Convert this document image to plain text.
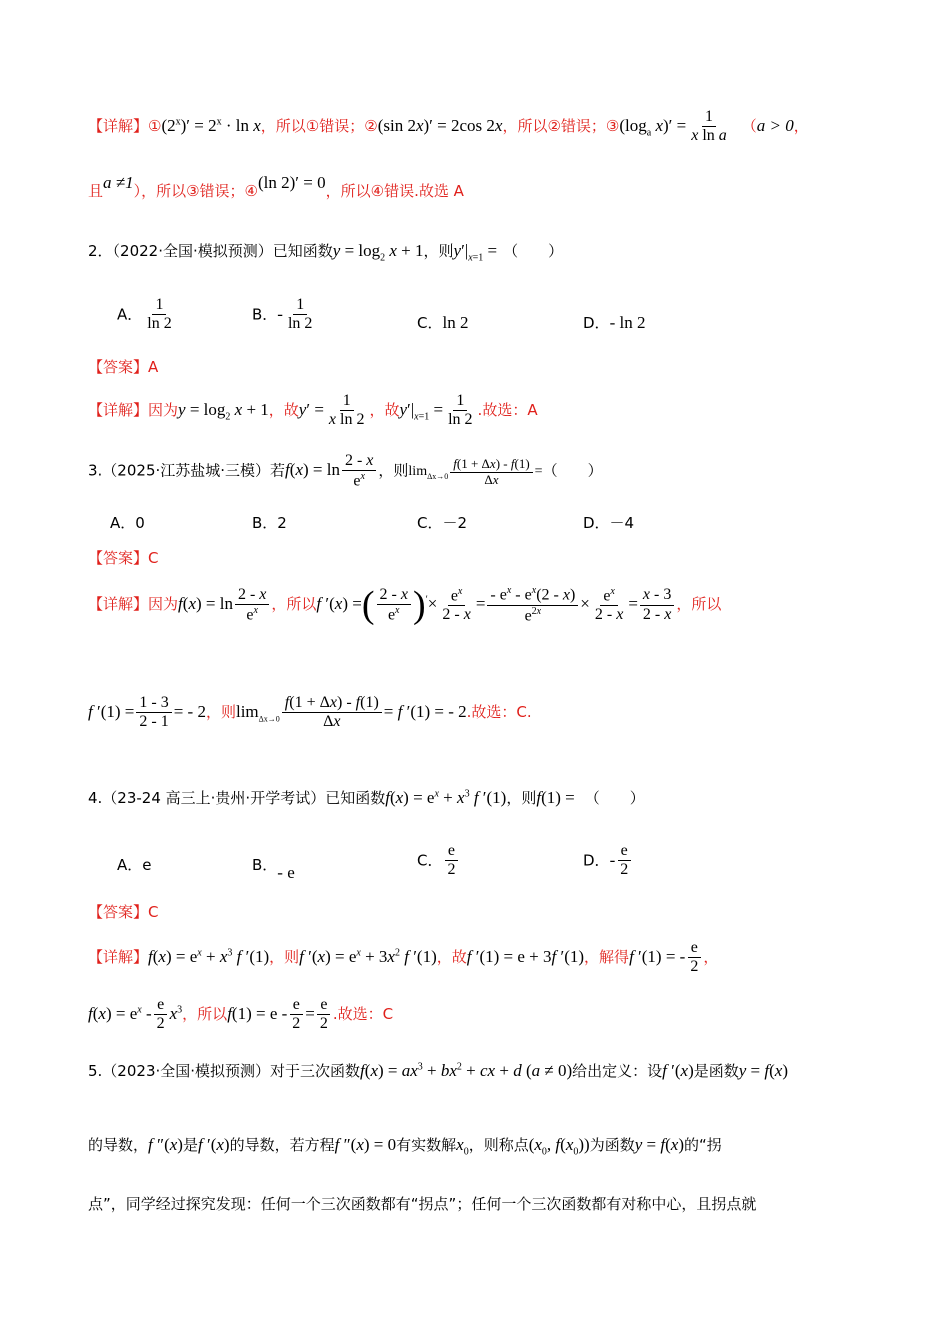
【详解】$①(2^x)' = 2^x \cdot \ln x$，所以①错误；②(sin 2x)′ = 2cos 2x，所以②错误；$③(\log_a$ $x)' = \frac{1}{\text{x ln a}} (a > 0$，
且a ≠1），所以③错误；④(ln 2)′ = 0，所以④错误.故选 A
2．（2022·全国·模拟预测）已知函数$y = \log_2 x + 1$，则$y'|_{x=1}$ = （　　）
A． $\frac{1}{\ln 2}$	B．- $\frac{1}{\ln 2}$	C．ln 2	D．- ln 2
【答案】A
【详解】因为$y = \log_2 x + 1$，故$y' = \frac{1}{\text{x ln 2}}$ ，故$y'|_{x=1} = \frac{1}{\ln 2}$ .故选：A
3.（2025·江苏盐城·三模）若$f(x) = \ln \frac{2 - x}{e^x}$ ，则$\lim_{\Delta x\to 0} \frac{f(1 + \Delta x) - f(1)}{\Delta x}$ =（　　）
A．0	B．2	C．－2	D．－4
【答案】C
【详解】因为$f(x) = \ln \frac{2 - x}{e^x}$ ，所以f ′(x) =( $\frac{2 - x}{e^x} )'\times \frac{e^x}{2 - x} = \frac{- e^x - e^x(2 - x)}{e^{2x}} \times \frac{e^x}{2 - x} = \frac{x - 3}{2 - x}$ ，所以
f $'(1) = \frac{1 - 3}{2 - 1}$ = - 2，则$\lim_{\Delta x\to 0} \frac{f(1 + \Delta x) - f(1)}{\Delta x} = f$ ′(1) = - 2.故选：C.
4.（23-24 高三上·贵州·开学考试）已知函数$f(x) = e^x + x^3$ f ′(1)，则f(1) = （　　）
A．e	B．- e
C． $\frac{e}{2}$	D．- $\frac{e}{2}$
【答案】C
【详解】$f(x) = e^x + x^3$ f ′(1)，则f $'(x) = e^x + 3x^2$ f ′(1)，故f ′(1) = e + 3f ′(1)，解得f ′(1) = - $\frac{e}{2}$ ，
$f(x) = e^x - \frac{e}{2} x^3$，所以$f(1) = e - \frac{e}{2} = \frac{e}{2}$ .故选：C
5.（2023·全国·模拟预测）对于三次函数$f(x) = ax^3 + bx^2$ + cx + d (a ≠ 0)给出定义：设f ′(x)是函数y = f(x)
的导数，f ″(x)是f ′(x)的导数，若方程f ″(x) = 0有实数解$x_0$，则称点($x_0$, $f(x_0)$)为函数y = f(x)的“拐
点”，同学经过探究发现：任何一个三次函数都有“拐点”；任何一个三次函数都有对称中心，且拐点就
